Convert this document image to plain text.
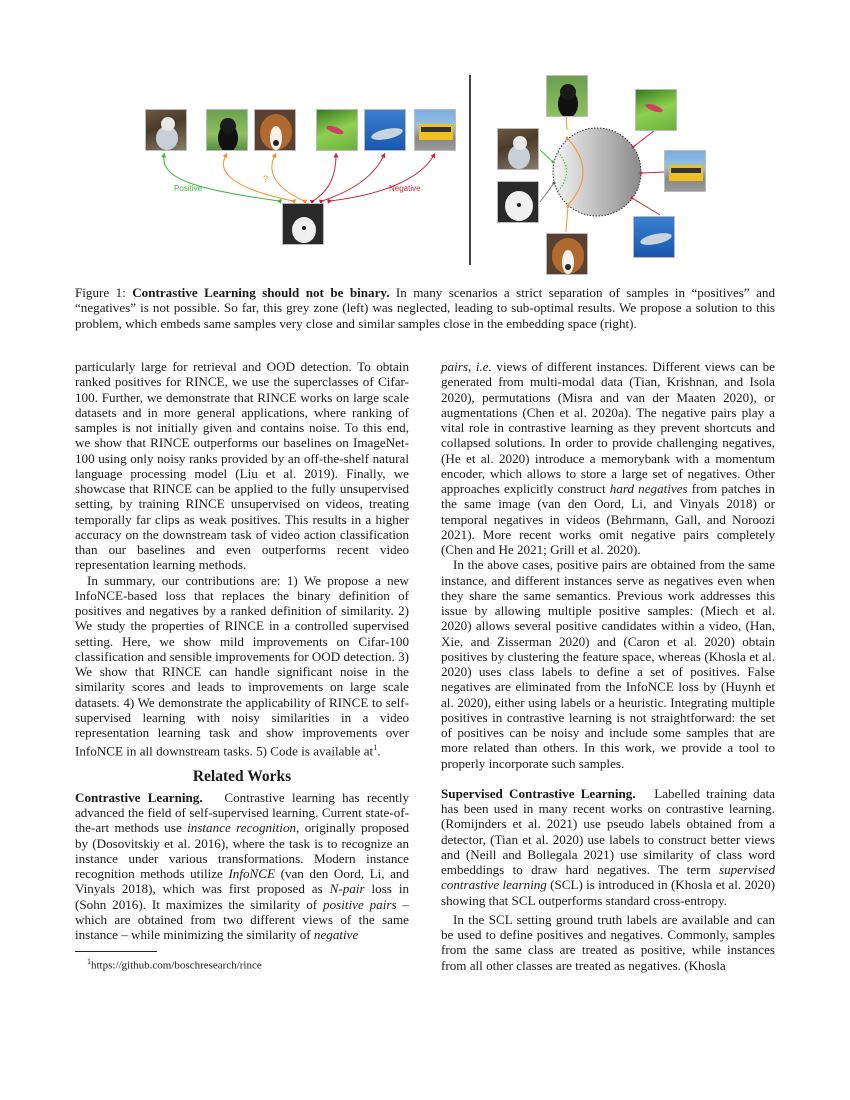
Positive
?
Negative
Figure 1: Contrastive Learning should not be binary. In many scenarios a strict separation of samples in “positives” and “negatives” is not possible. So far, this grey zone (left) was neglected, leading to sub-optimal results. We propose a solution to this problem, which embeds same samples very close and similar samples close in the embedding space (right).

particularly large for retrieval and OOD detection. To obtain ranked positives for RINCE, we use the superclasses of Cifar-100. Further, we demonstrate that RINCE works on large scale datasets and in more general applications, where ranking of samples is not initially given and contains noise. To this end, we show that RINCE outperforms our baselines on ImageNet-100 using only noisy ranks provided by an off-the-shelf natural language processing model (Liu et al. 2019). Finally, we showcase that RINCE can be applied to the fully unsupervised setting, by training RINCE unsupervised on videos, treating temporally far clips as weak positives. This results in a higher accuracy on the downstream task of video action classification than our baselines and even outperforms recent video representation learning methods.

In summary, our contributions are: 1) We propose a new InfoNCE-based loss that replaces the binary definition of positives and negatives by a ranked definition of similarity. 2) We study the properties of RINCE in a controlled supervised setting. Here, we show mild improvements on Cifar-100 classification and sensible improvements for OOD detection. 3) We show that RINCE can handle significant noise in the similarity scores and leads to improvements on large scale datasets. 4) We demonstrate the applicability of RINCE to self-supervised learning with noisy similarities in a video representation learning task and show improvements over InfoNCE in all downstream tasks. 5) Code is available $at^1$.

Related Works

Contrastive Learning.   Contrastive learning has recently advanced the field of self-supervised learning. Current state-of-the-art methods use instance recognition, originally proposed by (Dosovitskiy et al. 2016), where the task is to recognize an instance under various transformations. Modern instance recognition methods utilize InfoNCE (van den Oord, Li, and Vinyals 2018), which was first proposed as N-pair loss in (Sohn 2016). It maximizes the similarity of positive pairs – which are obtained from two different views of the same instance – while minimizing the similarity of negative

$^1$https://github.com/boschresearch/rince

pairs, i.e. views of different instances. Different views can be generated from multi-modal data (Tian, Krishnan, and Isola 2020), permutations (Misra and van der Maaten 2020), or augmentations (Chen et al. 2020a). The negative pairs play a vital role in contrastive learning as they prevent shortcuts and collapsed solutions. In order to provide challenging negatives, (He et al. 2020) introduce a memorybank with a momentum encoder, which allows to store a large set of negatives. Other approaches explicitly construct hard negatives from patches in the same image (van den Oord, Li, and Vinyals 2018) or temporal negatives in videos (Behrmann, Gall, and Noroozi 2021). More recent works omit negative pairs completely (Chen and He 2021; Grill et al. 2020).

In the above cases, positive pairs are obtained from the same instance, and different instances serve as negatives even when they share the same semantics. Previous work addresses this issue by allowing multiple positive samples: (Miech et al. 2020) allows several positive candidates within a video, (Han, Xie, and Zisserman 2020) and (Caron et al. 2020) obtain positives by clustering the feature space, whereas (Khosla et al. 2020) uses class labels to define a set of positives. False negatives are eliminated from the InfoNCE loss by (Huynh et al. 2020), either using labels or a heuristic. Integrating multiple positives in contrastive learning is not straightforward: the set of positives can be noisy and include some samples that are more related than others. In this work, we provide a tool to properly incorporate such samples.

Supervised Contrastive Learning.   Labelled training data has been used in many recent works on contrastive learning. (Romijnders et al. 2021) use pseudo labels obtained from a detector, (Tian et al. 2020) use labels to construct better views and (Neill and Bollegala 2021) use similarity of class word embeddings to draw hard negatives. The term supervised contrastive learning (SCL) is introduced in (Khosla et al. 2020) showing that SCL outperforms standard cross-entropy.

In the SCL setting ground truth labels are available and can be used to define positives and negatives. Commonly, samples from the same class are treated as positive, while instances from all other classes are treated as negatives. (Khosla
